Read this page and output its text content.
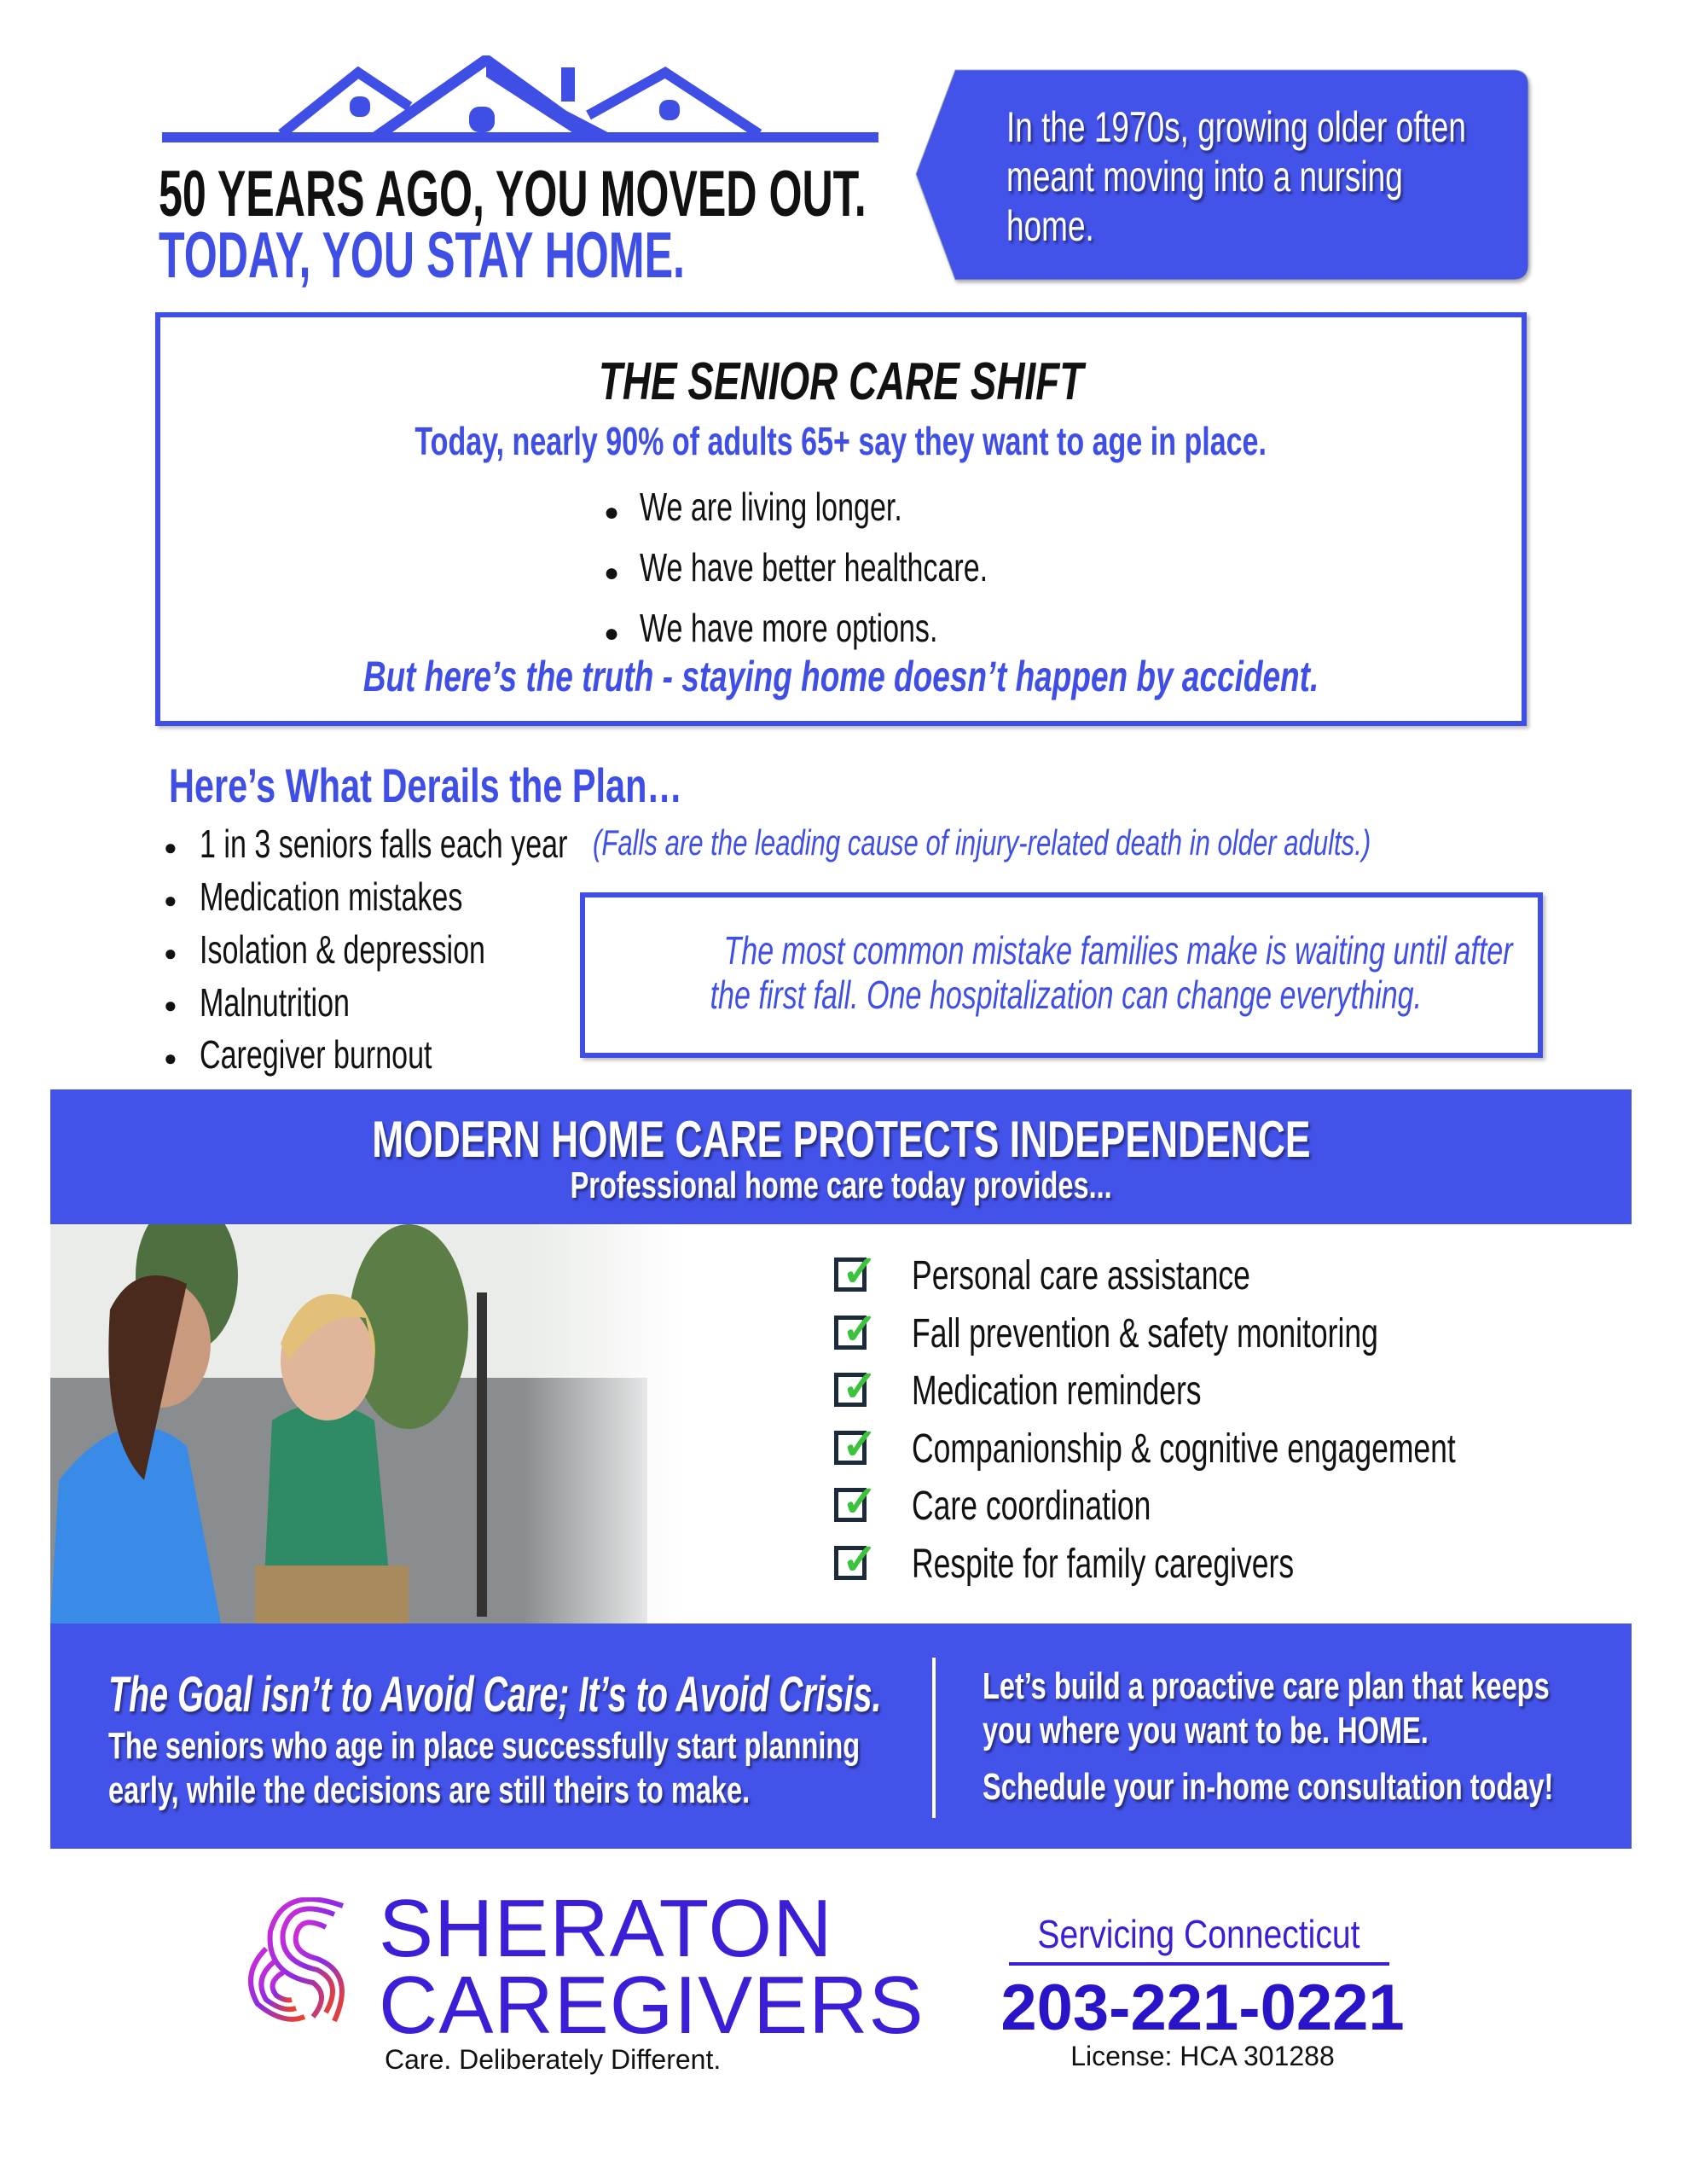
50 YEARS AGO, YOU MOVED OUT.
TODAY, YOU STAY HOME.
In the 1970s, growing older often
meant moving into a nursing
home.
THE SENIOR CARE SHIFT
Today, nearly 90% of adults 65+ say they want to age in place.
● We are living longer.
● We have better healthcare.
● We have more options.
But here’s the truth - staying home doesn’t happen by accident.
Here’s What Derails the Plan…
● 1 in 3 seniors falls each year
● Medication mistakes
● Isolation & depression
● Malnutrition
● Caregiver burnout
(Falls are the leading cause of injury-related death in older adults.)
The most common mistake families make is waiting until after
the first fall. One hospitalization can change everything.
MODERN HOME CARE PROTECTS INDEPENDENCE
Professional home care today provides...
✓ Personal care assistance
✓ Fall prevention & safety monitoring
✓ Medication reminders
✓ Companionship & cognitive engagement
✓ Care coordination
✓ Respite for family caregivers
The Goal isn’t to Avoid Care; It’s to Avoid Crisis.
The seniors who age in place successfully start planning
early, while the decisions are still theirs to make.
Let’s build a proactive care plan that keeps
you where you want to be. HOME.
Schedule your in-home consultation today!
SHERATON
CAREGIVERS
Care. Deliberately Different.
Servicing Connecticut
203-221-0221
License: HCA 301288
